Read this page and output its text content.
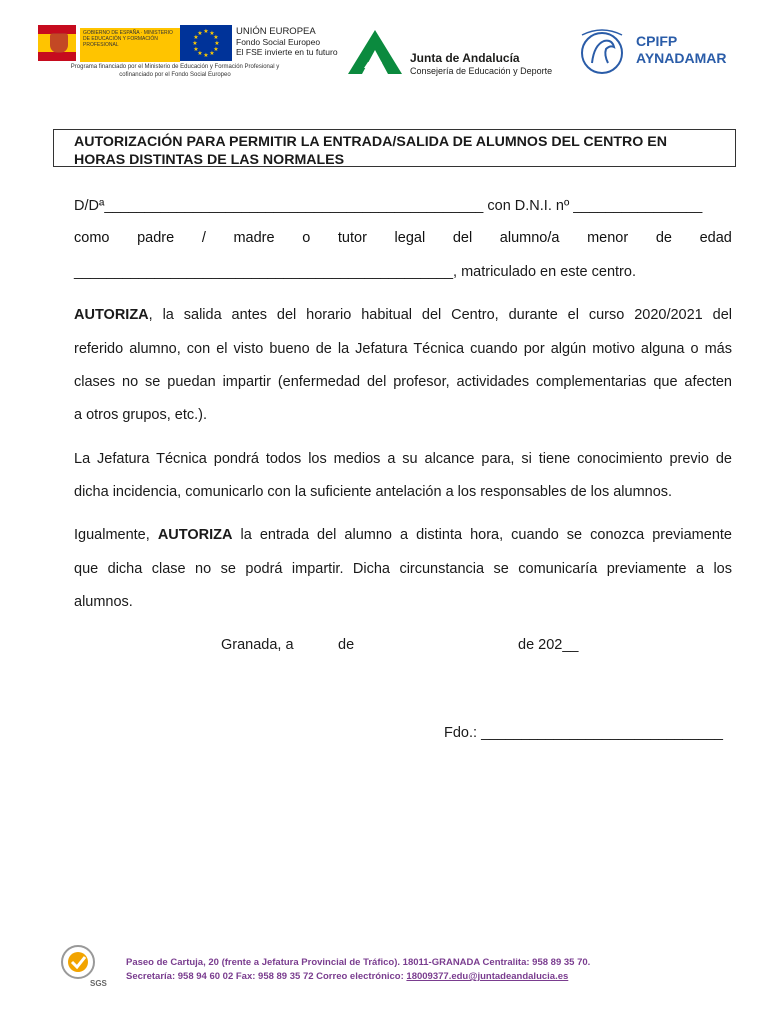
GOBIERNO DE ESPAÑA · MINISTERIO DE EDUCACIÓN Y FORMACIÓN PROFESIONAL
★ ★
★
★
★
★
★
★
★
★
★
★	UNIÓN EUROPEA
Fondo Social Europeo
El FSE invierte en tu futuro
Programa financiado por el Ministerio de Educación y Formación Profesional y
cofinanciado por el Fondo Social Europeo
Junta de Andalucía
Consejería de Educación y Deporte
CPIFP
AYNADAMAR
AUTORIZACIÓN PARA PERMITIR LA ENTRADA/SALIDA DE ALUMNOS DEL CENTRO EN
HORAS DISTINTAS DE LAS NORMALES
D/Dª_______________________________________________ con D.N.I. nº ________________
como padre / madre o tutor legal del alumno/a menor de edad
_______________________________________________, matriculado en este centro.
AUTORIZA, la salida antes del horario habitual del Centro, durante el curso 2020/2021 del
referido alumno, con el visto bueno de la Jefatura Técnica cuando por algún motivo alguna o más
clases no se puedan impartir (enfermedad del profesor, actividades complementarias que afecten
a otros grupos, etc.).
La Jefatura Técnica pondrá todos los medios a su alcance para, si tiene conocimiento previo de
dicha incidencia, comunicarlo con la suficiente antelación a los responsables de los alumnos.
Igualmente, AUTORIZA la entrada del alumno a distinta hora, cuando se conozca previamente
que dicha clase no se podrá impartir. Dicha circunstancia se comunicaría previamente a los
alumnos.
Granada, a	de	de 202__
Fdo.: ______________________________
SGS
Paseo de Cartuja, 20 (frente a Jefatura Provincial de Tráfico). 18011-GRANADA Centralita: 958 89 35 70.
Secretaría: 958 94 60 02 Fax: 958 89 35 72 Correo electrónico: 18009377.edu@juntadeandalucia.es
